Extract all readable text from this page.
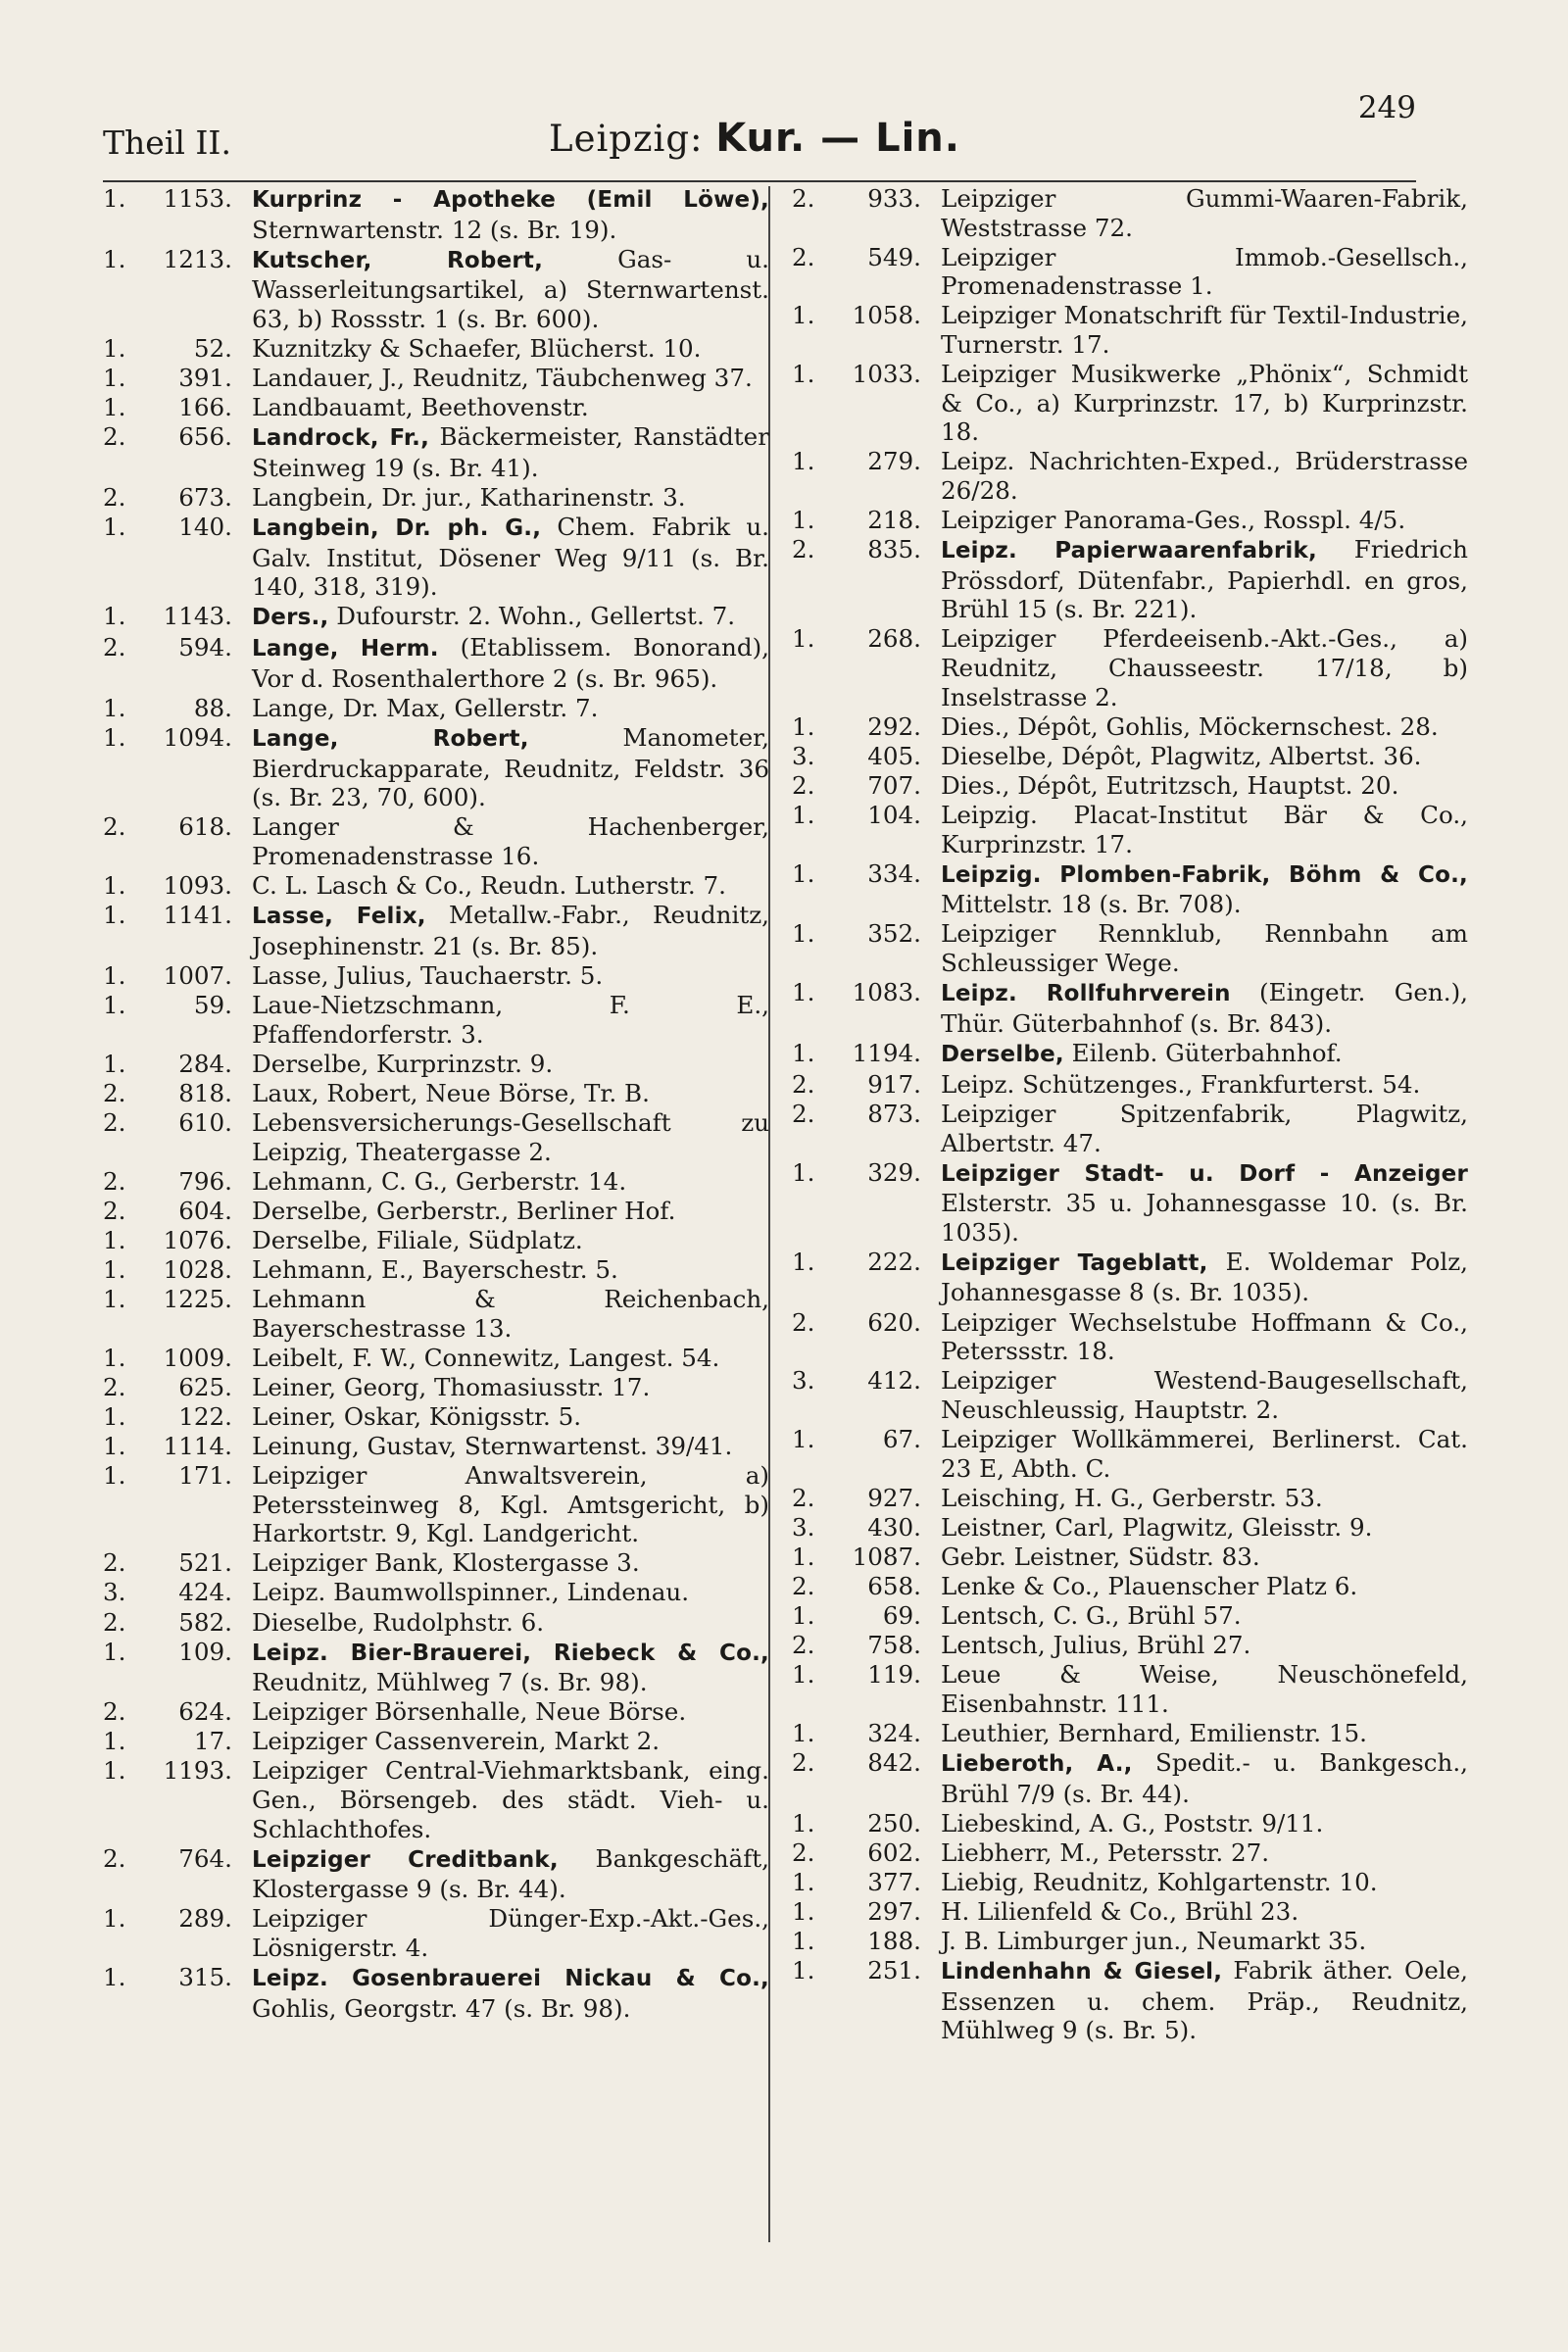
Theil II.	Leipzig: Kur. — Lin.
249
1.	1153. Kurprinz - Apotheke (Emil Löwe), Sternwartenstr. 12 (s. Br. 19).
1.	1213. Kutscher, Robert, Gas- u. Wasserleitungsartikel, a) Sternwartenst. 63, b) Rossstr. 1 (s. Br. 600).
1.	52. Kuznitzky & Schaefer, Blücherst. 10.
1.	391. Landauer, J., Reudnitz, Täubchenweg 37.
1.	166. Landbauamt, Beethovenstr.
2.	656. Landrock, Fr., Bäckermeister, Ranstädter Steinweg 19 (s. Br. 41).
2.	673. Langbein, Dr. jur., Katharinenstr. 3.
1.	140. Langbein, Dr. ph. G., Chem. Fabrik u. Galv. Institut, Dösener Weg 9/11 (s. Br. 140, 318, 319).
1.	1143. Ders., Dufourstr. 2. Wohn., Gellertst. 7.
2.	594. Lange, Herm. (Etablissem. Bonorand), Vor d. Rosenthalerthore 2 (s. Br. 965).
1.	88. Lange, Dr. Max, Gellerstr. 7.
1.	1094. Lange, Robert, Manometer, Bierdruckapparate, Reudnitz, Feldstr. 36 (s. Br. 23, 70, 600).
2.	618. Langer & Hachenberger, Promenadenstrasse 16.
1.	1093. C. L. Lasch & Co., Reudn. Lutherstr. 7.
1.	1141. Lasse, Felix, Metallw.-Fabr., Reudnitz, Josephinenstr. 21 (s. Br. 85).
1.	1007. Lasse, Julius, Tauchaerstr. 5.
1.	59. Laue-Nietzschmann, F. E., Pfaffendorferstr. 3.
1.	284. Derselbe, Kurprinzstr. 9.
2.	818. Laux, Robert, Neue Börse, Tr. B.
2.	610. Lebensversicherungs-Gesellschaft zu Leipzig, Theatergasse 2.
2.	796. Lehmann, C. G., Gerberstr. 14.
2.	604. Derselbe, Gerberstr., Berliner Hof.
1.	1076. Derselbe, Filiale, Südplatz.
1.	1028. Lehmann, E., Bayerschestr. 5.
1.	1225. Lehmann & Reichenbach, Bayerschestrasse 13.
1.	1009. Leibelt, F. W., Connewitz, Langest. 54.
2.	625. Leiner, Georg, Thomasiusstr. 17.
1.	122. Leiner, Oskar, Königsstr. 5.
1.	1114. Leinung, Gustav, Sternwartenst. 39/41.
1.	171. Leipziger Anwaltsverein, a) Peterssteinweg 8, Kgl. Amtsgericht, b) Harkortstr. 9, Kgl. Landgericht.
2.	521. Leipziger Bank, Klostergasse 3.
3.	424. Leipz. Baumwollspinner., Lindenau.
2.	582. Dieselbe, Rudolphstr. 6.
1.	109. Leipz. Bier-Brauerei, Riebeck & Co., Reudnitz, Mühlweg 7 (s. Br. 98).
2.	624. Leipziger Börsenhalle, Neue Börse.
1.	17. Leipziger Cassenverein, Markt 2.
1.	1193. Leipziger Central-Viehmarktsbank, eing. Gen., Börsengeb. des städt. Vieh- u. Schlachthofes.
2.	764. Leipziger Creditbank, Bankgeschäft, Klostergasse 9 (s. Br. 44).
1.	289. Leipziger Dünger-Exp.-Akt.-Ges., Lösnigerstr. 4.
1.	315. Leipz. Gosenbrauerei Nickau & Co., Gohlis, Georgstr. 47 (s. Br. 98).
2.	933. Leipziger Gummi-Waaren-Fabrik, Weststrasse 72.
2.	549. Leipziger Immob.-Gesellsch., Promenadenstrasse 1.
1.	1058. Leipziger Monatschrift für Textil-Industrie, Turnerstr. 17.
1.	1033. Leipziger Musikwerke „Phönix“, Schmidt & Co., a) Kurprinzstr. 17, b) Kurprinzstr. 18.
1.	279. Leipz. Nachrichten-Exped., Brüderstrasse 26/28.
1.	218. Leipziger Panorama-Ges., Rosspl. 4/5.
2.	835. Leipz. Papierwaarenfabrik, Friedrich Prössdorf, Dütenfabr., Papierhdl. en gros, Brühl 15 (s. Br. 221).
1.	268. Leipziger Pferdeeisenb.-Akt.-Ges., a) Reudnitz, Chausseestr. 17/18, b) Inselstrasse 2.
1.	292. Dies., Dépôt, Gohlis, Möckernschest. 28.
3.	405. Dieselbe, Dépôt, Plagwitz, Albertst. 36.
2.	707. Dies., Dépôt, Eutritzsch, Hauptst. 20.
1.	104. Leipzig. Placat-Institut Bär & Co., Kurprinzstr. 17.
1.	334. Leipzig. Plomben-Fabrik, Böhm & Co., Mittelstr. 18 (s. Br. 708).
1.	352. Leipziger Rennklub, Rennbahn am Schleussiger Wege.
1.	1083. Leipz. Rollfuhrverein (Eingetr. Gen.), Thür. Güterbahnhof (s. Br. 843).
1.	1194. Derselbe, Eilenb. Güterbahnhof.
2.	917. Leipz. Schützenges., Frankfurterst. 54.
2.	873. Leipziger Spitzenfabrik, Plagwitz, Albertstr. 47.
1.	329. Leipziger Stadt- u. Dorf - Anzeiger Elsterstr. 35 u. Johannesgasse 10. (s. Br. 1035).
1.	222. Leipziger Tageblatt, E. Woldemar Polz, Johannesgasse 8 (s. Br. 1035).
2.	620. Leipziger Wechselstube Hoffmann & Co., Peterssstr. 18.
3.	412. Leipziger Westend-Baugesellschaft, Neuschleussig, Hauptstr. 2.
1.	67. Leipziger Wollkämmerei, Berlinerst. Cat. 23 E, Abth. C.
2.	927. Leisching, H. G., Gerberstr. 53.
3.	430. Leistner, Carl, Plagwitz, Gleisstr. 9.
1.	1087. Gebr. Leistner, Südstr. 83.
2.	658. Lenke & Co., Plauenscher Platz 6.
1.	69. Lentsch, C. G., Brühl 57.
2.	758. Lentsch, Julius, Brühl 27.
1.	119. Leue & Weise, Neuschönefeld, Eisenbahnstr. 111.
1.	324. Leuthier, Bernhard, Emilienstr. 15.
2.	842. Lieberoth, A., Spedit.- u. Bankgesch., Brühl 7/9 (s. Br. 44).
1.	250. Liebeskind, A. G., Poststr. 9/11.
2.	602. Liebherr, M., Petersstr. 27.
1.	377. Liebig, Reudnitz, Kohlgartenstr. 10.
1.	297. H. Lilienfeld & Co., Brühl 23.
1.	188. J. B. Limburger jun., Neumarkt 35.
1.	251. Lindenhahn & Giesel, Fabrik äther. Oele, Essenzen u. chem. Präp., Reudnitz, Mühlweg 9 (s. Br. 5).
